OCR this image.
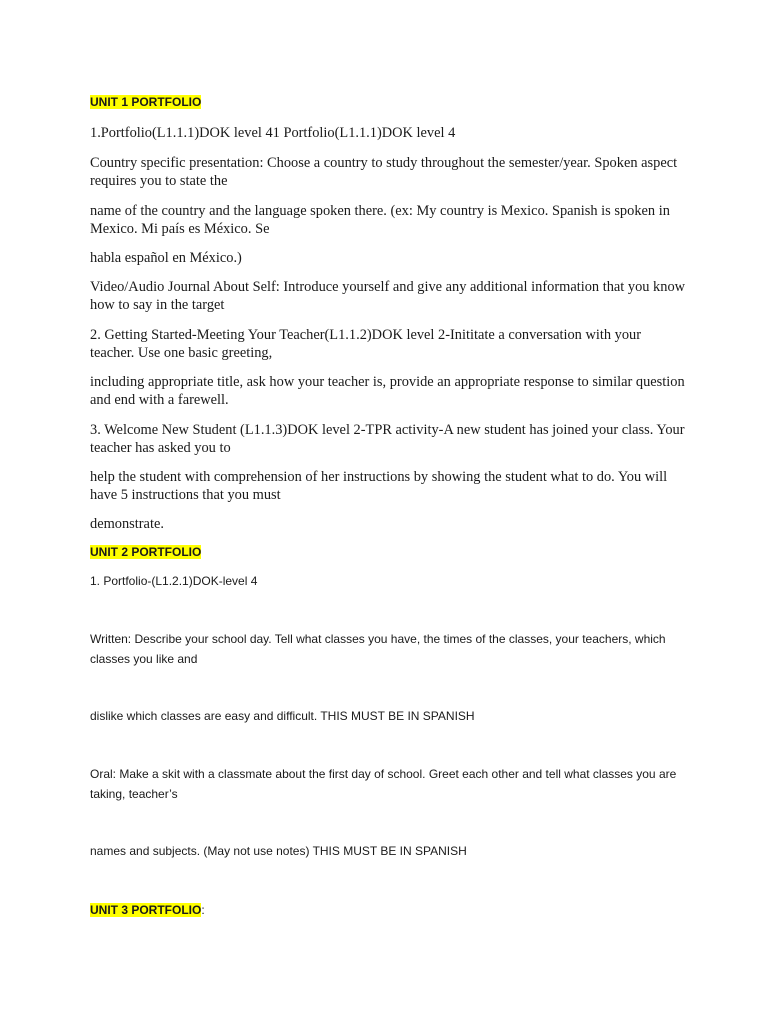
UNIT 1 PORTFOLIO

1.Portfolio(L1.1.1)DOK level 41 Portfolio(L1.1.1)DOK level 4

Country specific presentation: Choose a country to study throughout the semester/year. Spoken aspect requires you to state the

name of the country and the language spoken there. (ex: My country is Mexico. Spanish is spoken in Mexico. Mi país es México. Se

habla español en México.)

Video/Audio Journal About Self: Introduce yourself and give any additional information that you know how to say in the target

2. Getting Started-Meeting Your Teacher(L1.1.2)DOK level 2-Inititate a conversation with your teacher. Use one basic greeting,

including appropriate title, ask how your teacher is, provide an appropriate response to similar question and end with a farewell.

3. Welcome New Student (L1.1.3)DOK level 2-TPR activity-A new student has joined your class. Your teacher has asked you to

help the student with comprehension of her instructions by showing the student what to do. You will have 5 instructions that you must

demonstrate.

UNIT 2 PORTFOLIO

1. Portfolio-(L1.2.1)DOK-level 4

Written: Describe your school day. Tell what classes you have, the times of the classes, your teachers, which classes you like and

dislike which classes are easy and difficult. THIS MUST BE IN SPANISH

Oral: Make a skit with a classmate about the first day of school. Greet each other and tell what classes you are taking, teacher’s

names and subjects. (May not use notes) THIS MUST BE IN SPANISH

UNIT 3 PORTFOLIO:
